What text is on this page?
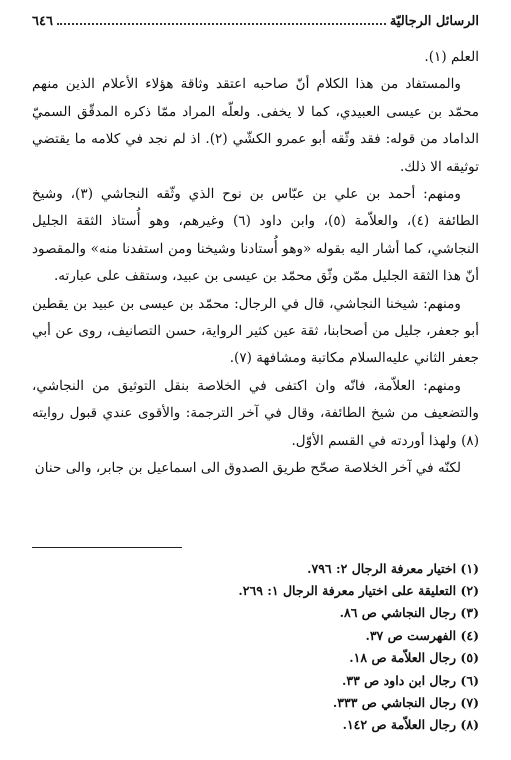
الرسائل الرجاليّة
٦٤٦

العلم (١).

والمستفاد من هذا الكلام أنّ صاحبه اعتقد وثاقة هؤلاء الأعلام الذين منهم محمّد بن عيسى العبيدي، كما لا يخفى. ولعلّه المراد ممّا ذكره المدقّق السميّ الداماد من قوله: فقد وثّقه أبو عمرو الكشّي (٢). اذ لم نجد في كلامه ما يقتضي توثيقه الا ذلك.

ومنهم: أحمد بن علي بن عبّاس بن نوح الذي وثّقه النجاشي (٣)، وشيخ الطائفة (٤)، والعلاّمة (٥)، وابن داود (٦) وغيرهم، وهو أُستاذ الثقة الجليل النجاشي، كما أشار اليه بقوله «وهو أُستادنا وشيخنا ومن استفدنا منه» والمقصود أنّ هذا الثقة الجليل ممّن وثّق محمّد بن عيسى بن عبيد، وستقف على عبارته.

ومنهم: شيخنا النجاشي، قال في الرجال: محمّد بن عيسى بن عبيد بن يقطين أبو جعفر، جليل من أصحابنا، ثقة عين كثير الرواية، حسن التصانيف، روى عن أبي جعفر الثاني عليه‌السلام مكاتبة ومشافهة (٧).

ومنهم: العلاّمة، فانّه وان اكتفى في الخلاصة بنقل التوثيق من النجاشي، والتضعيف من شيخ الطائفة، وقال في آخر الترجمة: والأقوى عندي قبول روايته (٨) ولهذا أوردته في القسم الأوّل.

لكنّه في آخر الخلاصة صحّح طريق الصدوق الى اسماعيل بن جابر، والى حنان

(١) اختيار معرفة الرجال ٢: ٧٩٦.
(٢) التعليقة على اختيار معرفة الرجال ١: ٢٦٩.
(٣) رجال النجاشي ص ٨٦.
(٤) الفهرست ص ٣٧.
(٥) رجال العلاّمة ص ١٨.
(٦) رجال ابن داود ص ٣٣.
(٧) رجال النجاشي ص ٣٣٣.
(٨) رجال العلاّمة ص ١٤٢.
